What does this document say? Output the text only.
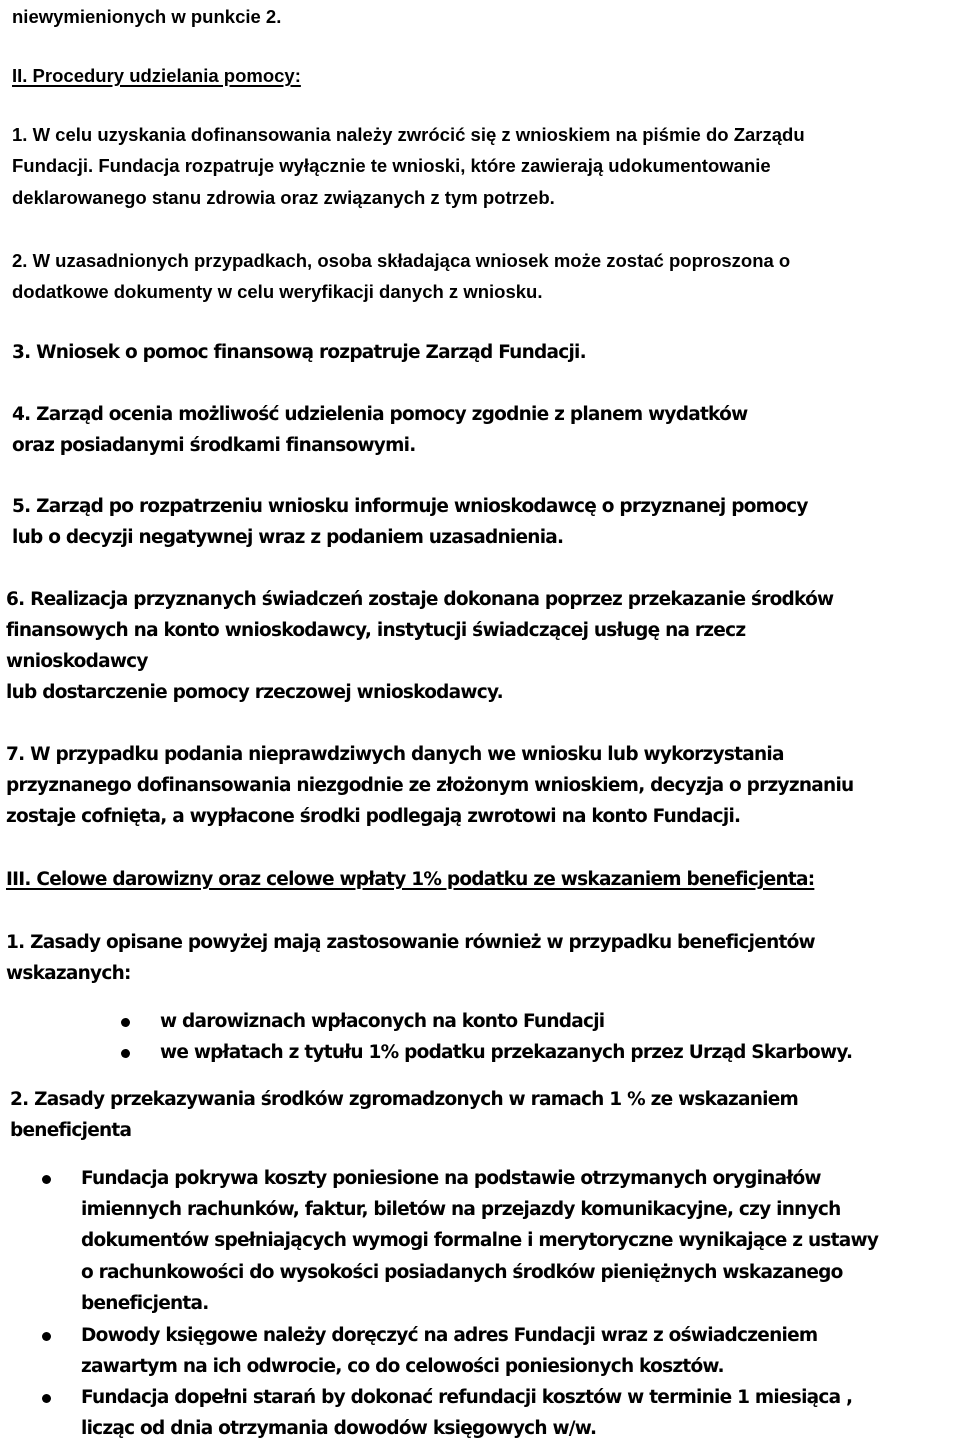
niewymienionych w punkcie 2.
II. Procedury udzielania pomocy:
1. W celu uzyskania dofinansowania należy zwrócić się z wnioskiem na piśmie do Zarządu
Fundacji. Fundacja rozpatruje wyłącznie te wnioski, które zawierają udokumentowanie
deklarowanego stanu zdrowia oraz związanych z tym potrzeb.
2. W uzasadnionych przypadkach, osoba składająca wniosek może zostać poproszona o
dodatkowe dokumenty w celu weryfikacji danych z wniosku.
3. Wniosek o pomoc finansową rozpatruje Zarząd Fundacji.
4. Zarząd ocenia możliwość udzielenia pomocy zgodnie z planem wydatków
oraz posiadanymi środkami finansowymi.
5. Zarząd po rozpatrzeniu wniosku informuje wnioskodawcę o przyznanej pomocy
lub o decyzji negatywnej wraz z podaniem uzasadnienia.
6. Realizacja przyznanych świadczeń zostaje dokonana poprzez przekazanie środków
finansowych na konto wnioskodawcy, instytucji świadczącej usługę na rzecz
wnioskodawcy
lub dostarczenie pomocy rzeczowej wnioskodawcy.
7. W przypadku podania nieprawdziwych danych we wniosku lub wykorzystania
przyznanego dofinansowania niezgodnie ze złożonym wnioskiem, decyzja o przyznaniu
zostaje cofnięta, a wypłacone środki podlegają zwrotowi na konto Fundacji.
III. Celowe darowizny oraz celowe wpłaty 1% podatku ze wskazaniem beneficjenta:
1. Zasady opisane powyżej mają zastosowanie również w przypadku beneficjentów
wskazanych:
w darowiznach wpłaconych na konto Fundacji
we wpłatach z tytułu 1% podatku przekazanych przez Urząd Skarbowy.
2. Zasady przekazywania środków zgromadzonych w ramach 1 % ze wskazaniem
beneficjenta
Fundacja pokrywa koszty poniesione na podstawie otrzymanych oryginałów
imiennych rachunków, faktur, biletów na przejazdy komunikacyjne, czy innych
dokumentów spełniających wymogi formalne i merytoryczne wynikające z ustawy
o rachunkowości do wysokości posiadanych środków pieniężnych wskazanego
beneficjenta.
Dowody księgowe należy doręczyć na adres Fundacji wraz z oświadczeniem
zawartym na ich odwrocie, co do celowości poniesionych kosztów.
Fundacja dopełni starań by dokonać refundacji kosztów w terminie 1 miesiąca ,
licząc od dnia otrzymania dowodów księgowych w/w.
